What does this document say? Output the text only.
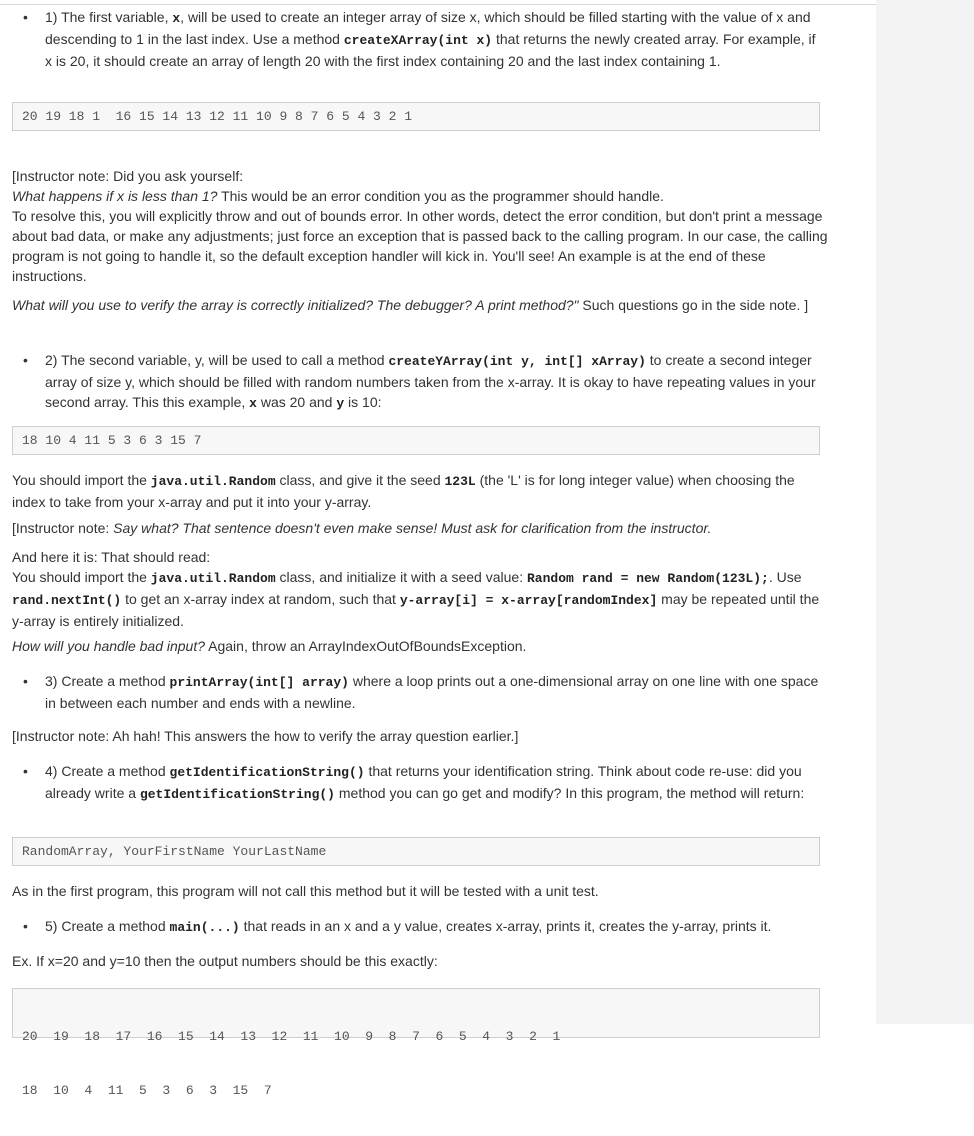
• 1) The first variable, x, will be used to create an integer array of size x, which should be filled starting with the value of x and descending to 1 in the last index. Use a method createXArray(int x) that returns the newly created array. For example, if x is 20, it should create an array of length 20 with the first index containing 20 and the last index containing 1.
20 19 18 1  16 15 14 13 12 11 10 9 8 7 6 5 4 3 2 1
[Instructor note: Did you ask yourself:
What happens if x is less than 1? This would be an error condition you as the programmer should handle.
To resolve this, you will explicitly throw and out of bounds error. In other words, detect the error condition, but don't print a message about bad data, or make any adjustments; just force an exception that is passed back to the calling program. In our case, the calling program is not going to handle it, so the default exception handler will kick in. You'll see! An example is at the end of these instructions.
What will you use to verify the array is correctly initialized? The debugger? A print method?" Such questions go in the side note. ]
• 2) The second variable, y, will be used to call a method createYArray(int y, int[] xArray) to create a second integer array of size y, which should be filled with random numbers taken from the x-array. It is okay to have repeating values in your second array. This this example, x was 20 and y is 10:
18 10 4 11 5 3 6 3 15 7
You should import the java.util.Random class, and give it the seed 123L (the 'L' is for long integer value) when choosing the index to take from your x-array and put it into your y-array.
[Instructor note: Say what? That sentence doesn't even make sense! Must ask for clarification from the instructor.
And here it is: That should read:
You should import the java.util.Random class, and initialize it with a seed value: Random rand = new Random(123L);. Use rand.nextInt() to get an x-array index at random, such that y-array[i] = x-array[randomIndex] may be repeated until the y-array is entirely initialized.
How will you handle bad input? Again, throw an ArrayIndexOutOfBoundsException.
• 3) Create a method printArray(int[] array) where a loop prints out a one-dimensional array on one line with one space in between each number and ends with a newline.
[Instructor note: Ah hah! This answers the how to verify the array question earlier.]
• 4) Create a method getIdentificationString() that returns your identification string. Think about code re-use: did you already write a getIdentificationString() method you can go get and modify? In this program, the method will return:
RandomArray, YourFirstName YourLastName
As in the first program, this program will not call this method but it will be tested with a unit test.
• 5) Create a method main(...) that reads in an x and a y value, creates x-array, prints it, creates the y-array, prints it.
Ex. If x=20 and y=10 then the output numbers should be this exactly:

20  19  18  17  16  15  14  13  12  11  10  9  8  7  6  5  4  3  2  1

18  10  4  11  5  3  6  3  15  7
